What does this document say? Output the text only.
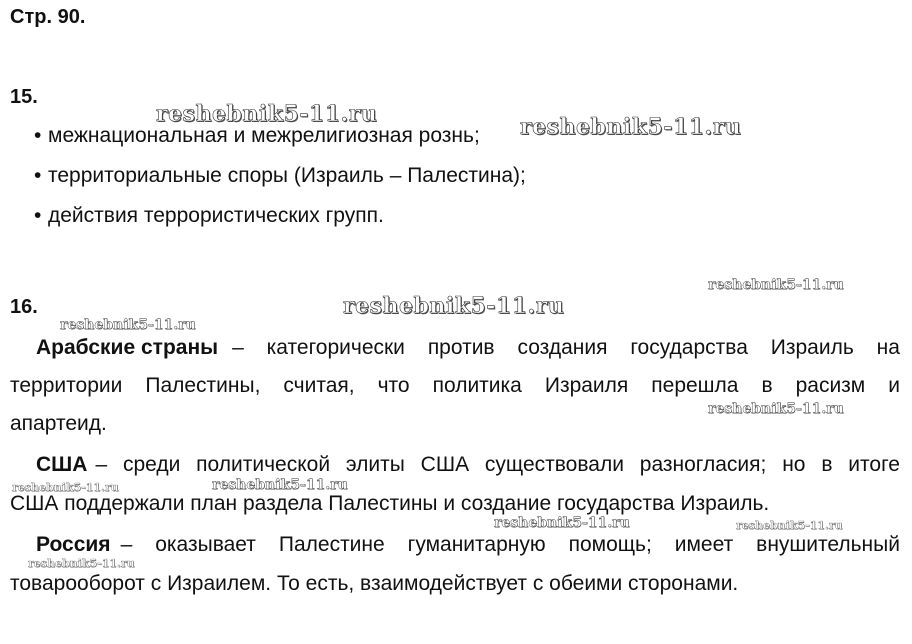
Стр. 90.
15.
• межнациональная и межрелигиозная рознь;
• территориальные споры (Израиль – Палестина);
• действия террористических групп.
16.
Арабские страны – категорически против создания государства Израиль на
территории Палестины, считая, что политика Израиля перешла в расизм и
апартеид.
США – среди политической элиты США существовали разногласия; но в итоге
США поддержали план раздела Палестины и создание государства Израиль.
Россия – оказывает Палестине гуманитарную помощь; имеет внушительный
товарооборот с Израилем. То есть, взаимодействует с обеими сторонами.
reshebnik5-11.ru	reshebnik5-11.ru
reshebnik5-11.ru
reshebnik5-11.ru
reshebnik5-11.ru
reshebnik5-11.ru
reshebnik5-11.ru
reshebnik5-11.ru
reshebnik5-11.ru	reshebnik5-11.ru
reshebnik5-11.ru
